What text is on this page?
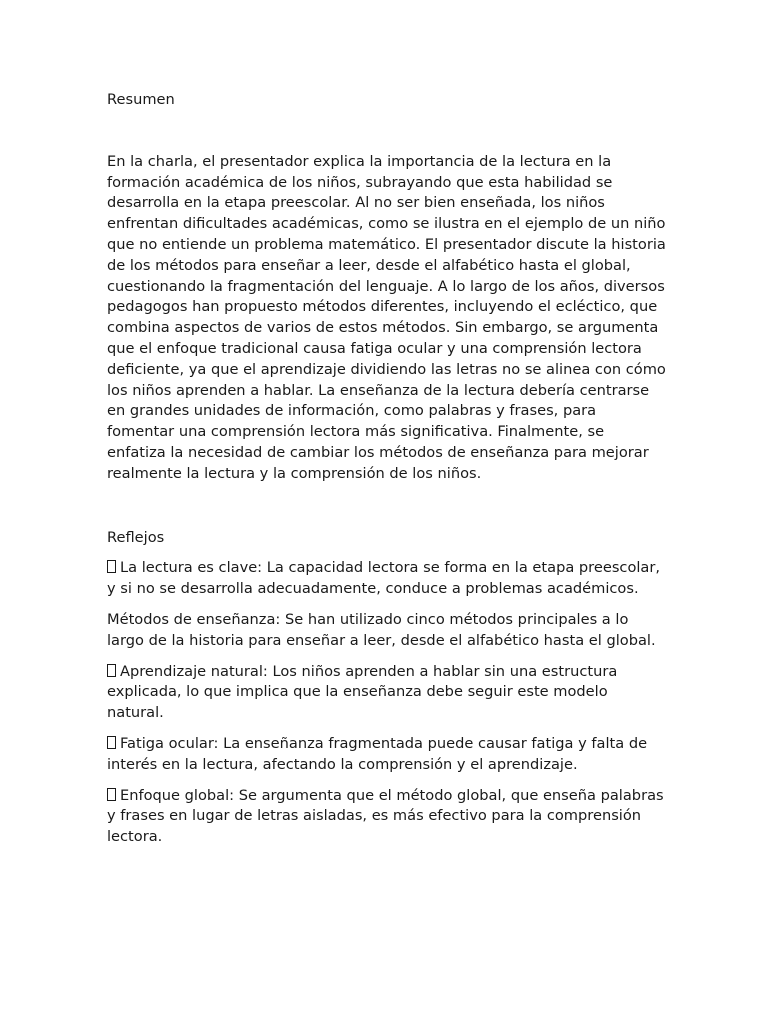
Resumen

En la charla, el presentador explica la importancia de la lectura en la formación académica de los niños, subrayando que esta habilidad se desarrolla en la etapa preescolar. Al no ser bien enseñada, los niños enfrentan dificultades académicas, como se ilustra en el ejemplo de un niño que no entiende un problema matemático. El presentador discute la historia de los métodos para enseñar a leer, desde el alfabético hasta el global, cuestionando la fragmentación del lenguaje. A lo largo de los años, diversos pedagogos han propuesto métodos diferentes, incluyendo el ecléctico, que combina aspectos de varios de estos métodos. Sin embargo, se argumenta que el enfoque tradicional causa fatiga ocular y una comprensión lectora deficiente, ya que el aprendizaje dividiendo las letras no se alinea con cómo los niños aprenden a hablar. La enseñanza de la lectura debería centrarse en grandes unidades de información, como palabras y frases, para fomentar una comprensión lectora más significativa. Finalmente, se enfatiza la necesidad de cambiar los métodos de enseñanza para mejorar realmente la lectura y la comprensión de los niños.

Reflejos

La lectura es clave: La capacidad lectora se forma en la etapa preescolar, y si no se desarrolla adecuadamente, conduce a problemas académicos.

Métodos de enseñanza: Se han utilizado cinco métodos principales a lo largo de la historia para enseñar a leer, desde el alfabético hasta el global.

Aprendizaje natural: Los niños aprenden a hablar sin una estructura explicada, lo que implica que la enseñanza debe seguir este modelo natural.

Fatiga ocular: La enseñanza fragmentada puede causar fatiga y falta de interés en la lectura, afectando la comprensión y el aprendizaje.

Enfoque global: Se argumenta que el método global, que enseña palabras y frases en lugar de letras aisladas, es más efectivo para la comprensión lectora.
